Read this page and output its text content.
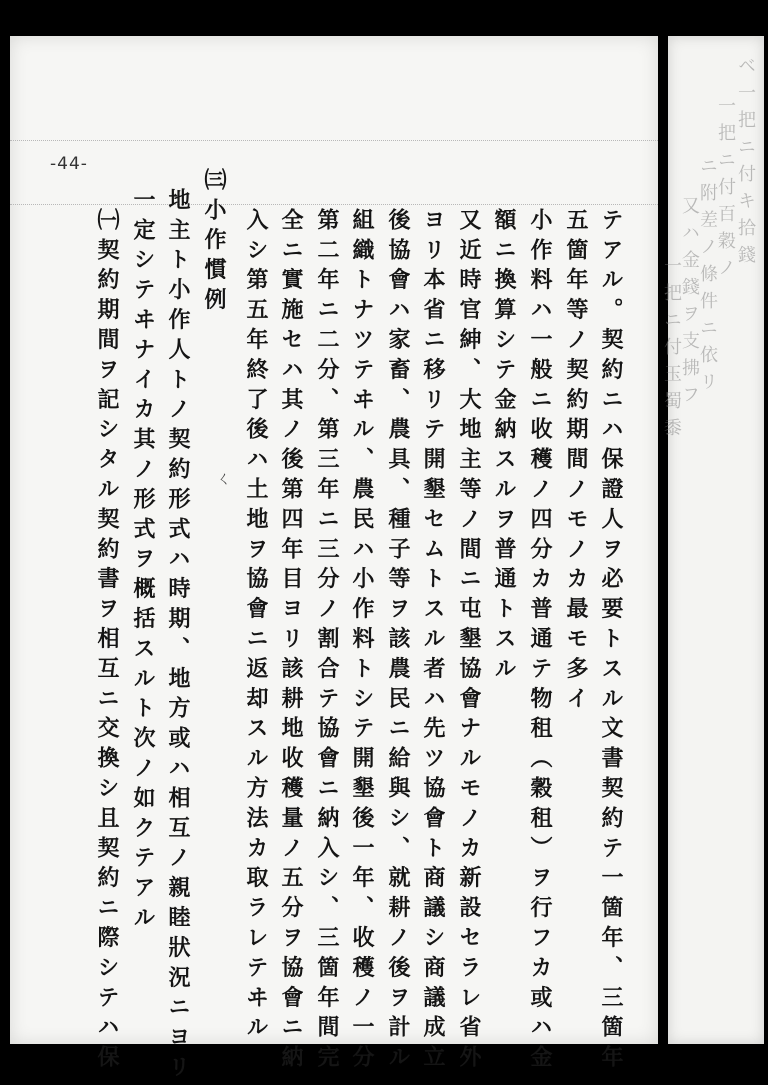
-44-
テアル。契約ニハ保證人ヲ必要トスル文書契約テ一箇年、三箇年
五箇年等ノ契約期間ノモノカ最モ多イ
小作料ハ一般ニ收穫ノ四分カ普通テ物租（穀租）ヲ行フカ或ハ金
額ニ換算シテ金納スルヲ普通トスル
又近時官紳、大地主等ノ間ニ屯墾協會ナルモノカ新設セラレ省外
ヨリ本省ニ移リテ開墾セムトスル者ハ先ツ協會ト商議シ商議成立
後協會ハ家畜、農具、種子等ヲ該農民ニ給與シ、就耕ノ後ヲ計ル
組織トナツテヰル、農民ハ小作料トシテ開墾後一年、收穫ノ一分
第二年ニ二分、第三年ニ三分ノ割合テ協會ニ納入シ、三箇年間完
全ニ實施セハ其ノ後第四年目ヨリ該耕地收穫量ノ五分ヲ協會ニ納
入シ第五年終了後ハ土地ヲ協會ニ返却スル方法カ取ラレテヰル
㈢小作慣例
地主ト小作人トノ契約形式ハ時期、地方或ハ相互ノ親睦狀況ニヨリ
一定シテヰナイカ其ノ形式ヲ概括スルト次ノ如クテアル
㈠契約期間ヲ記シタル契約書ヲ相互ニ交換シ且契約ニ際シテハ保	ㄑ
ベ一把ニ付キ拾錢
一把ニ付百穀ノ
ニ附差ノ條件ニ依リ
又ハ金錢ヲ支拂フ
一把ニ付玉蜀黍
